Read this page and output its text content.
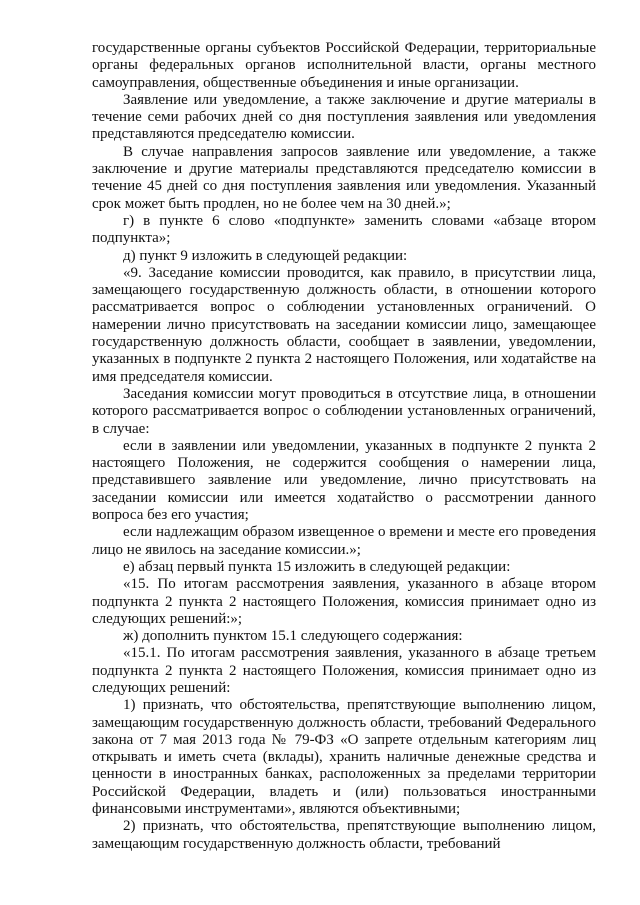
государственные органы субъектов Российской Федерации, территориальные органы федеральных органов исполнительной власти, органы местного самоуправления, общественные объединения и иные организации.

Заявление или уведомление, а также заключение и другие материалы в течение семи рабочих дней со дня поступления заявления или уведомления представляются председателю комиссии.

В случае направления запросов заявление или уведомление, а также заключение и другие материалы представляются председателю комиссии в течение 45 дней со дня поступления заявления или уведомления. Указанный срок может быть продлен, но не более чем на 30 дней.»;

г) в пункте 6 слово «подпункте» заменить словами «абзаце втором подпункта»;

д) пункт 9 изложить в следующей редакции:

«9. Заседание комиссии проводится, как правило, в присутствии лица, замещающего государственную должность области, в отношении которого рассматривается вопрос о соблюдении установленных ограничений. О намерении лично присутствовать на заседании комиссии лицо, замещающее государственную должность области, сообщает в заявлении, уведомлении, указанных в подпункте 2 пункта 2 настоящего Положения, или ходатайстве на имя председателя комиссии.

Заседания комиссии могут проводиться в отсутствие лица, в отношении которого рассматривается вопрос о соблюдении установленных ограничений, в случае:

если в заявлении или уведомлении, указанных в подпункте 2 пункта 2 настоящего Положения, не содержится сообщения о намерении лица, представившего заявление или уведомление, лично присутствовать на заседании комиссии или имеется ходатайство о рассмотрении данного вопроса без его участия;

если надлежащим образом извещенное о времени и месте его проведения лицо не явилось на заседание комиссии.»;

е) абзац первый пункта 15 изложить в следующей редакции:

«15. По итогам рассмотрения заявления, указанного в абзаце втором подпункта 2 пункта 2 настоящего Положения, комиссия принимает одно из следующих решений:»;

ж) дополнить пунктом 15.1 следующего содержания:

«15.1. По итогам рассмотрения заявления, указанного в абзаце третьем подпункта 2 пункта 2 настоящего Положения, комиссия принимает одно из следующих решений:

1) признать, что обстоятельства, препятствующие выполнению лицом, замещающим государственную должность области, требований Федерального закона от 7 мая 2013 года № 79-ФЗ «О запрете отдельным категориям лиц открывать и иметь счета (вклады), хранить наличные денежные средства и ценности в иностранных банках, расположенных за пределами территории Российской Федерации, владеть и (или) пользоваться иностранными финансовыми инструментами», являются объективными;

2) признать, что обстоятельства, препятствующие выполнению лицом, замещающим государственную должность области, требований
